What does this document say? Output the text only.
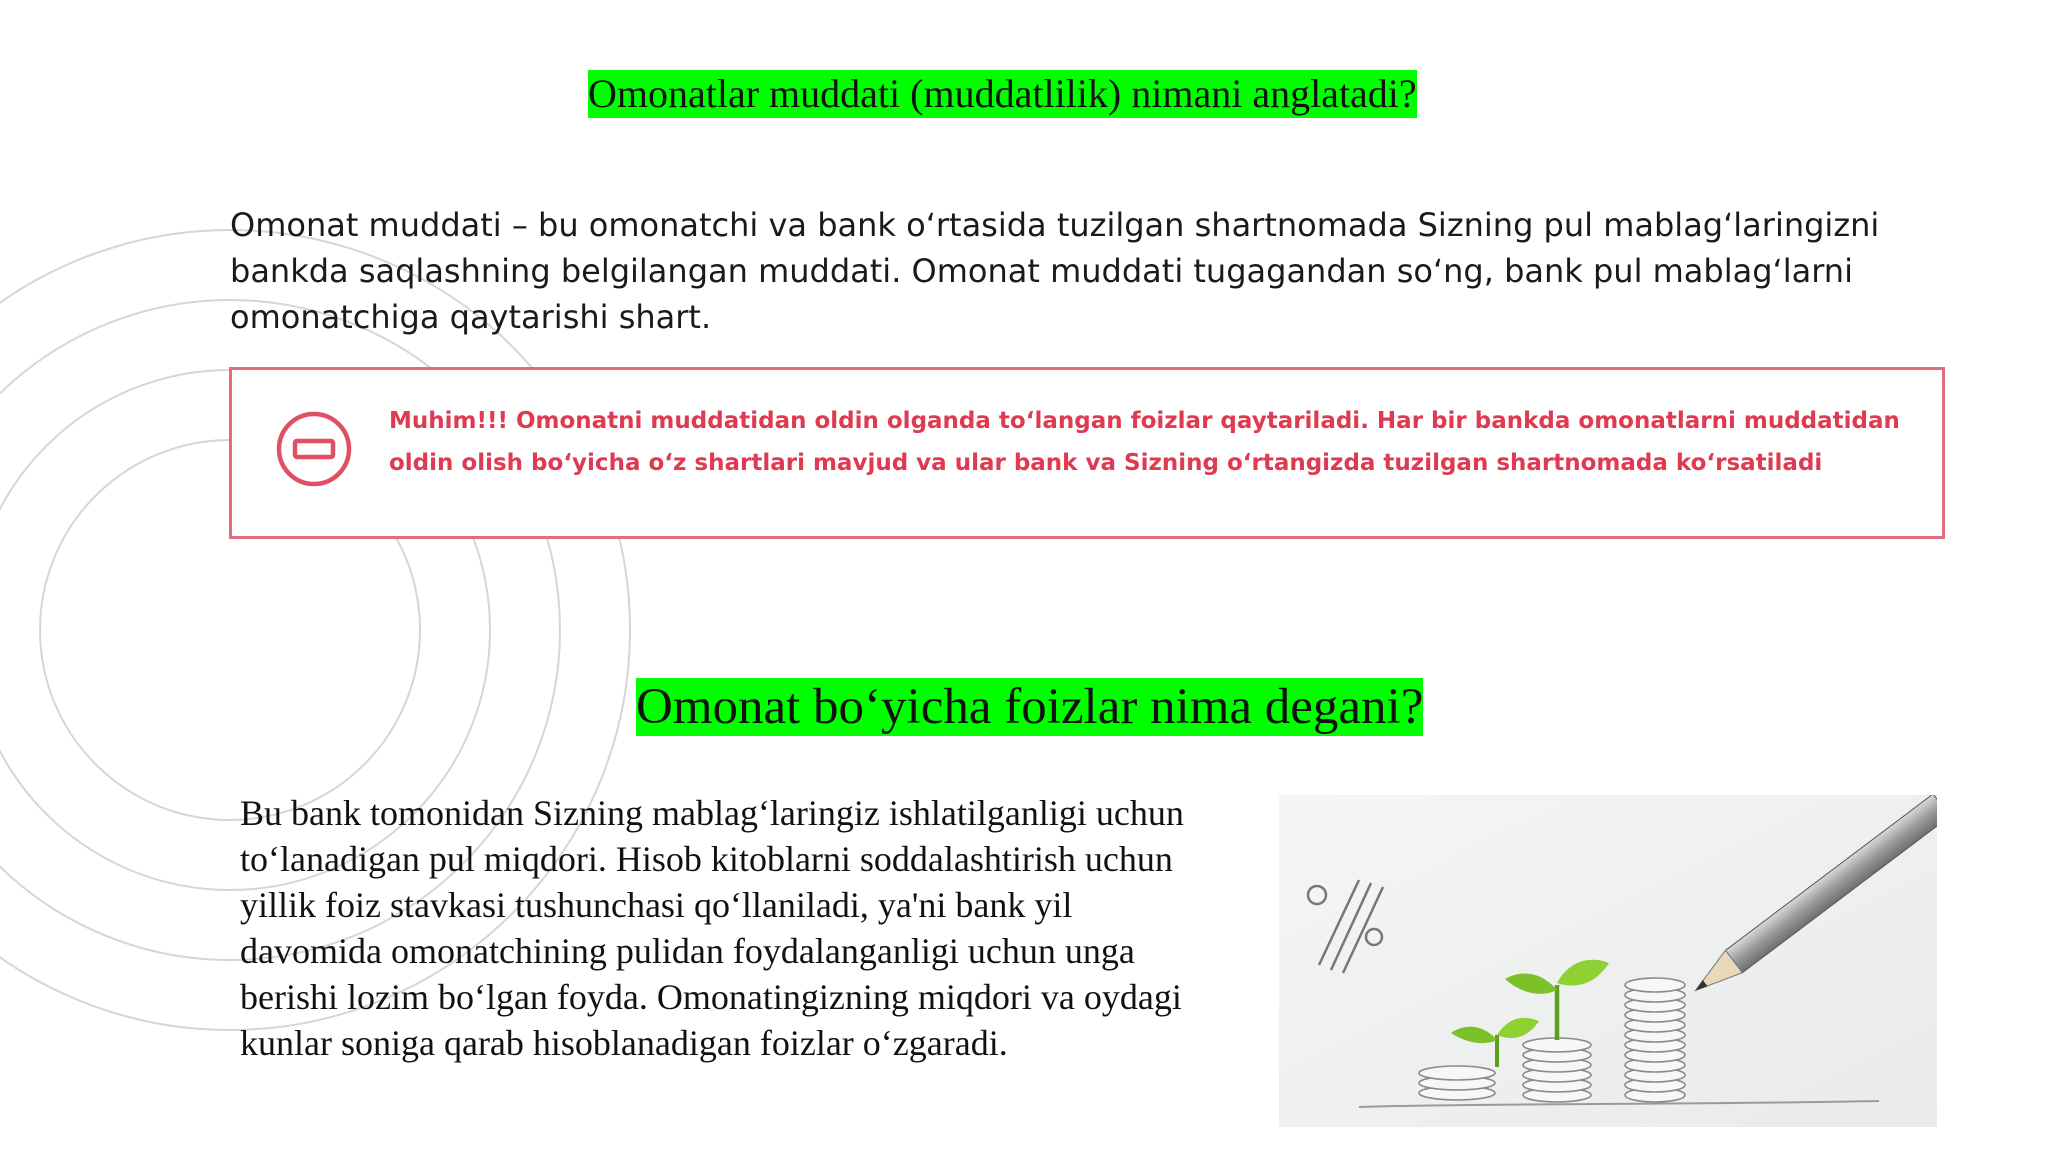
Omonatlar muddati (muddatlilik) nimani anglatadi?
Omonat muddati – bu omonatchi va bank o‘rtasida tuzilgan shartnomada Sizning pul mablag‘laringizni bankda saqlashning belgilangan muddati. Omonat muddati tugagandan so‘ng, bank pul mablag‘larni omonatchiga qaytarishi shart.
Muhim!!! Omonatni muddatidan oldin olganda to‘langan foizlar qaytariladi. Har bir bankda omonatlarni muddatidan oldin olish bo‘yicha o‘z shartlari mavjud va ular bank va Sizning o‘rtangizda tuzilgan shartnomada ko‘rsatiladi
Omonat bo‘yicha foizlar nima degani?
Bu bank tomonidan Sizning mablag‘laringiz ishlatilganligi uchun to‘lanadigan pul miqdori. Hisob kitoblarni soddalashtirish uchun yillik foiz stavkasi tushunchasi qo‘llaniladi, ya'ni bank yil davomida omonatchining pulidan foydalanganligi uchun unga berishi lozim bo‘lgan foyda. Omonatingizning miqdori va oydagi kunlar soniga qarab hisoblanadigan foizlar o‘zgaradi.
